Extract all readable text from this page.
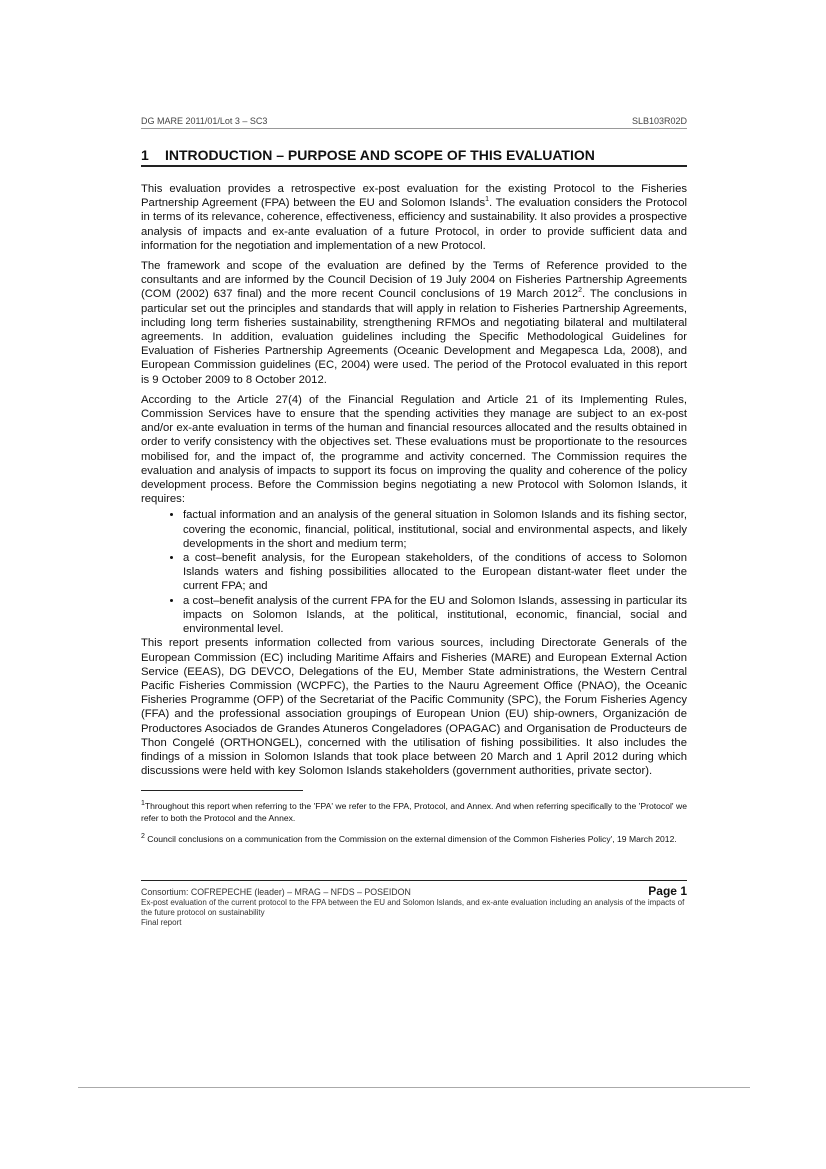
DG MARE 2011/01/Lot 3 – SC3	SLB103R02D
1	INTRODUCTION – PURPOSE AND SCOPE OF THIS EVALUATION

This evaluation provides a retrospective ex-post evaluation for the existing Protocol to the Fisheries Partnership Agreement (FPA) between the EU and Solomon Islands$^1$. The evaluation considers the Protocol in terms of its relevance, coherence, effectiveness, efficiency and sustainability. It also provides a prospective analysis of impacts and ex-ante evaluation of a future Protocol, in order to provide sufficient data and information for the negotiation and implementation of a new Protocol.

The framework and scope of the evaluation are defined by the Terms of Reference provided to the consultants and are informed by the Council Decision of 19 July 2004 on Fisheries Partnership Agreements (COM (2002) 637 final) and the more recent Council conclusions of 19 March 2012$^2$. The conclusions in particular set out the principles and standards that will apply in relation to Fisheries Partnership Agreements, including long term fisheries sustainability, strengthening RFMOs and negotiating bilateral and multilateral agreements. In addition, evaluation guidelines including the Specific Methodological Guidelines for Evaluation of Fisheries Partnership Agreements (Oceanic Development and Megapesca Lda, 2008), and European Commission guidelines (EC, 2004) were used. The period of the Protocol evaluated in this report is 9 October 2009 to 8 October 2012.

According to the Article 27(4) of the Financial Regulation and Article 21 of its Implementing Rules, Commission Services have to ensure that the spending activities they manage are subject to an ex-post and/or ex-ante evaluation in terms of the human and financial resources allocated and the results obtained in order to verify consistency with the objectives set. These evaluations must be proportionate to the resources mobilised for, and the impact of, the programme and activity concerned. The Commission requires the evaluation and analysis of impacts to support its focus on improving the quality and coherence of the policy development process. Before the Commission begins negotiating a new Protocol with Solomon Islands, it requires:

• factual information and an analysis of the general situation in Solomon Islands and its fishing sector, covering the economic, financial, political, institutional, social and environmental aspects, and likely developments in the short and medium term;
• a cost–benefit analysis, for the European stakeholders, of the conditions of access to Solomon Islands waters and fishing possibilities allocated to the European distant-water fleet under the current FPA; and
• a cost–benefit analysis of the current FPA for the EU and Solomon Islands, assessing in particular its impacts on Solomon Islands, at the political, institutional, economic, financial, social and environmental level.

This report presents information collected from various sources, including Directorate Generals of the European Commission (EC) including Maritime Affairs and Fisheries (MARE) and European External Action Service (EEAS), DG DEVCO, Delegations of the EU, Member State administrations, the Western Central Pacific Fisheries Commission (WCPFC), the Parties to the Nauru Agreement Office (PNAO), the Oceanic Fisheries Programme (OFP) of the Secretariat of the Pacific Community (SPC), the Forum Fisheries Agency (FFA) and the professional association groupings of European Union (EU) ship-owners, Organización de Productores Asociados de Grandes Atuneros Congeladores (OPAGAC) and Organisation de Producteurs de Thon Congelé (ORTHONGEL), concerned with the utilisation of fishing possibilities. It also includes the findings of a mission in Solomon Islands that took place between 20 March and 1 April 2012 during which discussions were held with key Solomon Islands stakeholders (government authorities, private sector).

$^1$Throughout this report when referring to the 'FPA' we refer to the FPA, Protocol, and Annex. And when referring specifically to the 'Protocol' we refer to both the Protocol and the Annex.

$^2$ Council conclusions on a communication from the Commission on the external dimension of the Common Fisheries Policy', 19 March 2012.

Consortium: COFREPECHE (leader) – MRAG – NFDS – POSEIDON	Page 1
Ex-post evaluation of the current protocol to the FPA between the EU and Solomon Islands, and ex-ante evaluation including an analysis of the impacts of the future protocol on sustainability
Final report
